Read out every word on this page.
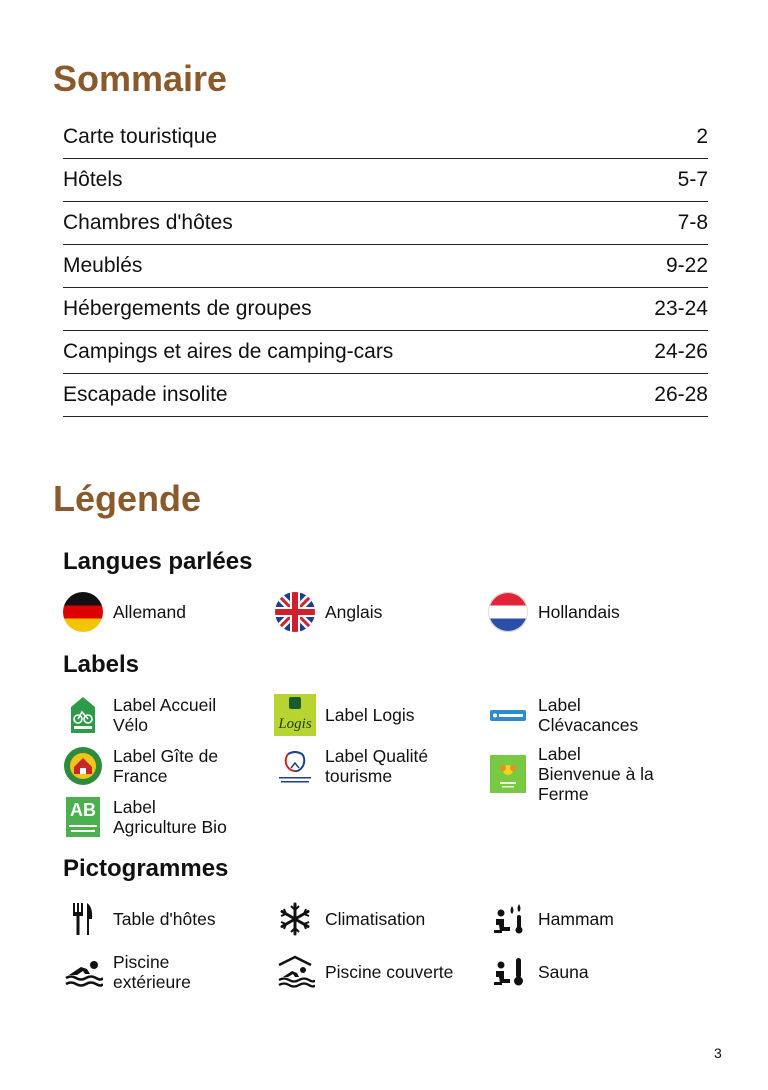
Sommaire
Carte touristique	2
Hôtels	5-7
Chambres d'hôtes	7-8
Meublés	9-22
Hébergements de groupes	23-24
Campings et aires de camping-cars	24-26
Escapade insolite	26-28
Légende
Langues parlées
Allemand	Anglais	Hollandais
Labels
Label Accueil Vélo	Logis Label Logis	Label Clévacances
Label Gîte de France
Label Qualité tourisme
Label Bienvenue à la Ferme
AB Label Agriculture Bio
Pictogrammes
Table d'hôtes	Climatisation	Hammam
Piscine extérieure	Piscine couverte	Sauna
3
